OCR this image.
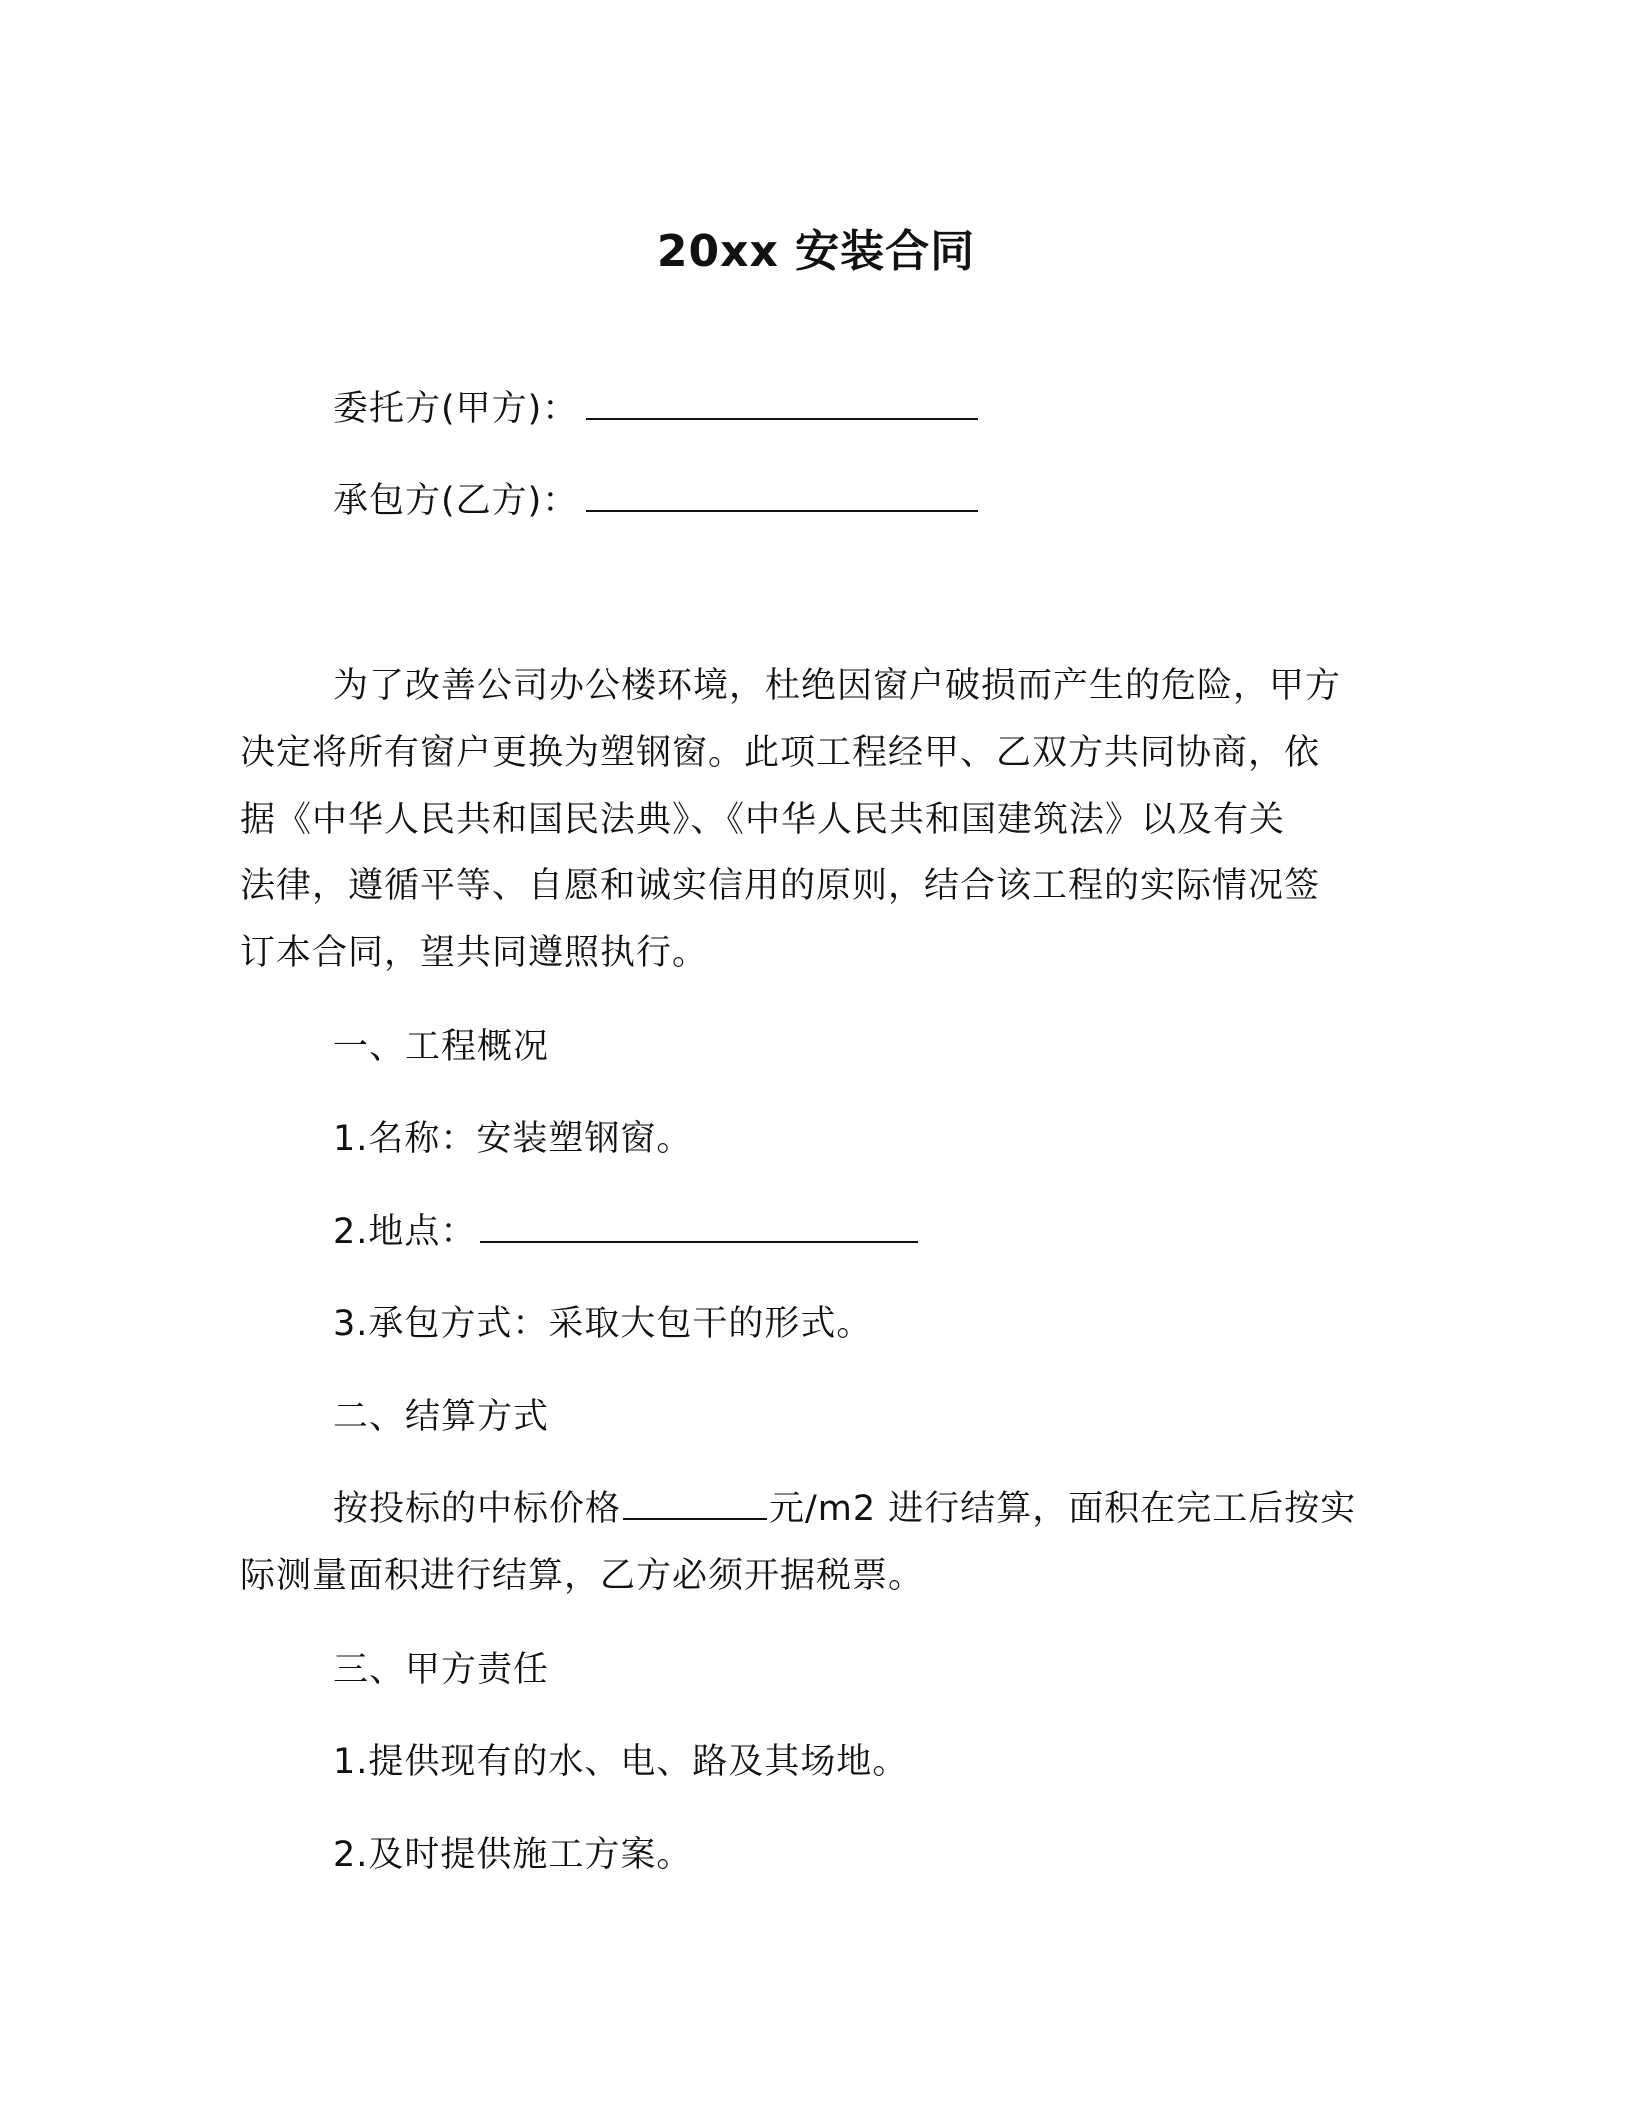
20xx 安装合同
委托方(甲方)：
承包方(乙方)：
为了改善公司办公楼环境，杜绝因窗户破损而产生的危险，甲方
决定将所有窗户更换为塑钢窗。此项工程经甲、乙双方共同协商，依
据《中华人民共和国民法典》、《中华人民共和国建筑法》以及有关
法律，遵循平等、自愿和诚实信用的原则，结合该工程的实际情况签
订本合同，望共同遵照执行。
一、工程概况
1.名称：安装塑钢窗。
2.地点：
3.承包方式：采取大包干的形式。
二、结算方式
按投标的中标价格	元/m2 进行结算，面积在完工后按实
际测量面积进行结算，乙方必须开据税票。
三、甲方责任
1.提供现有的水、电、路及其场地。
2.及时提供施工方案。
